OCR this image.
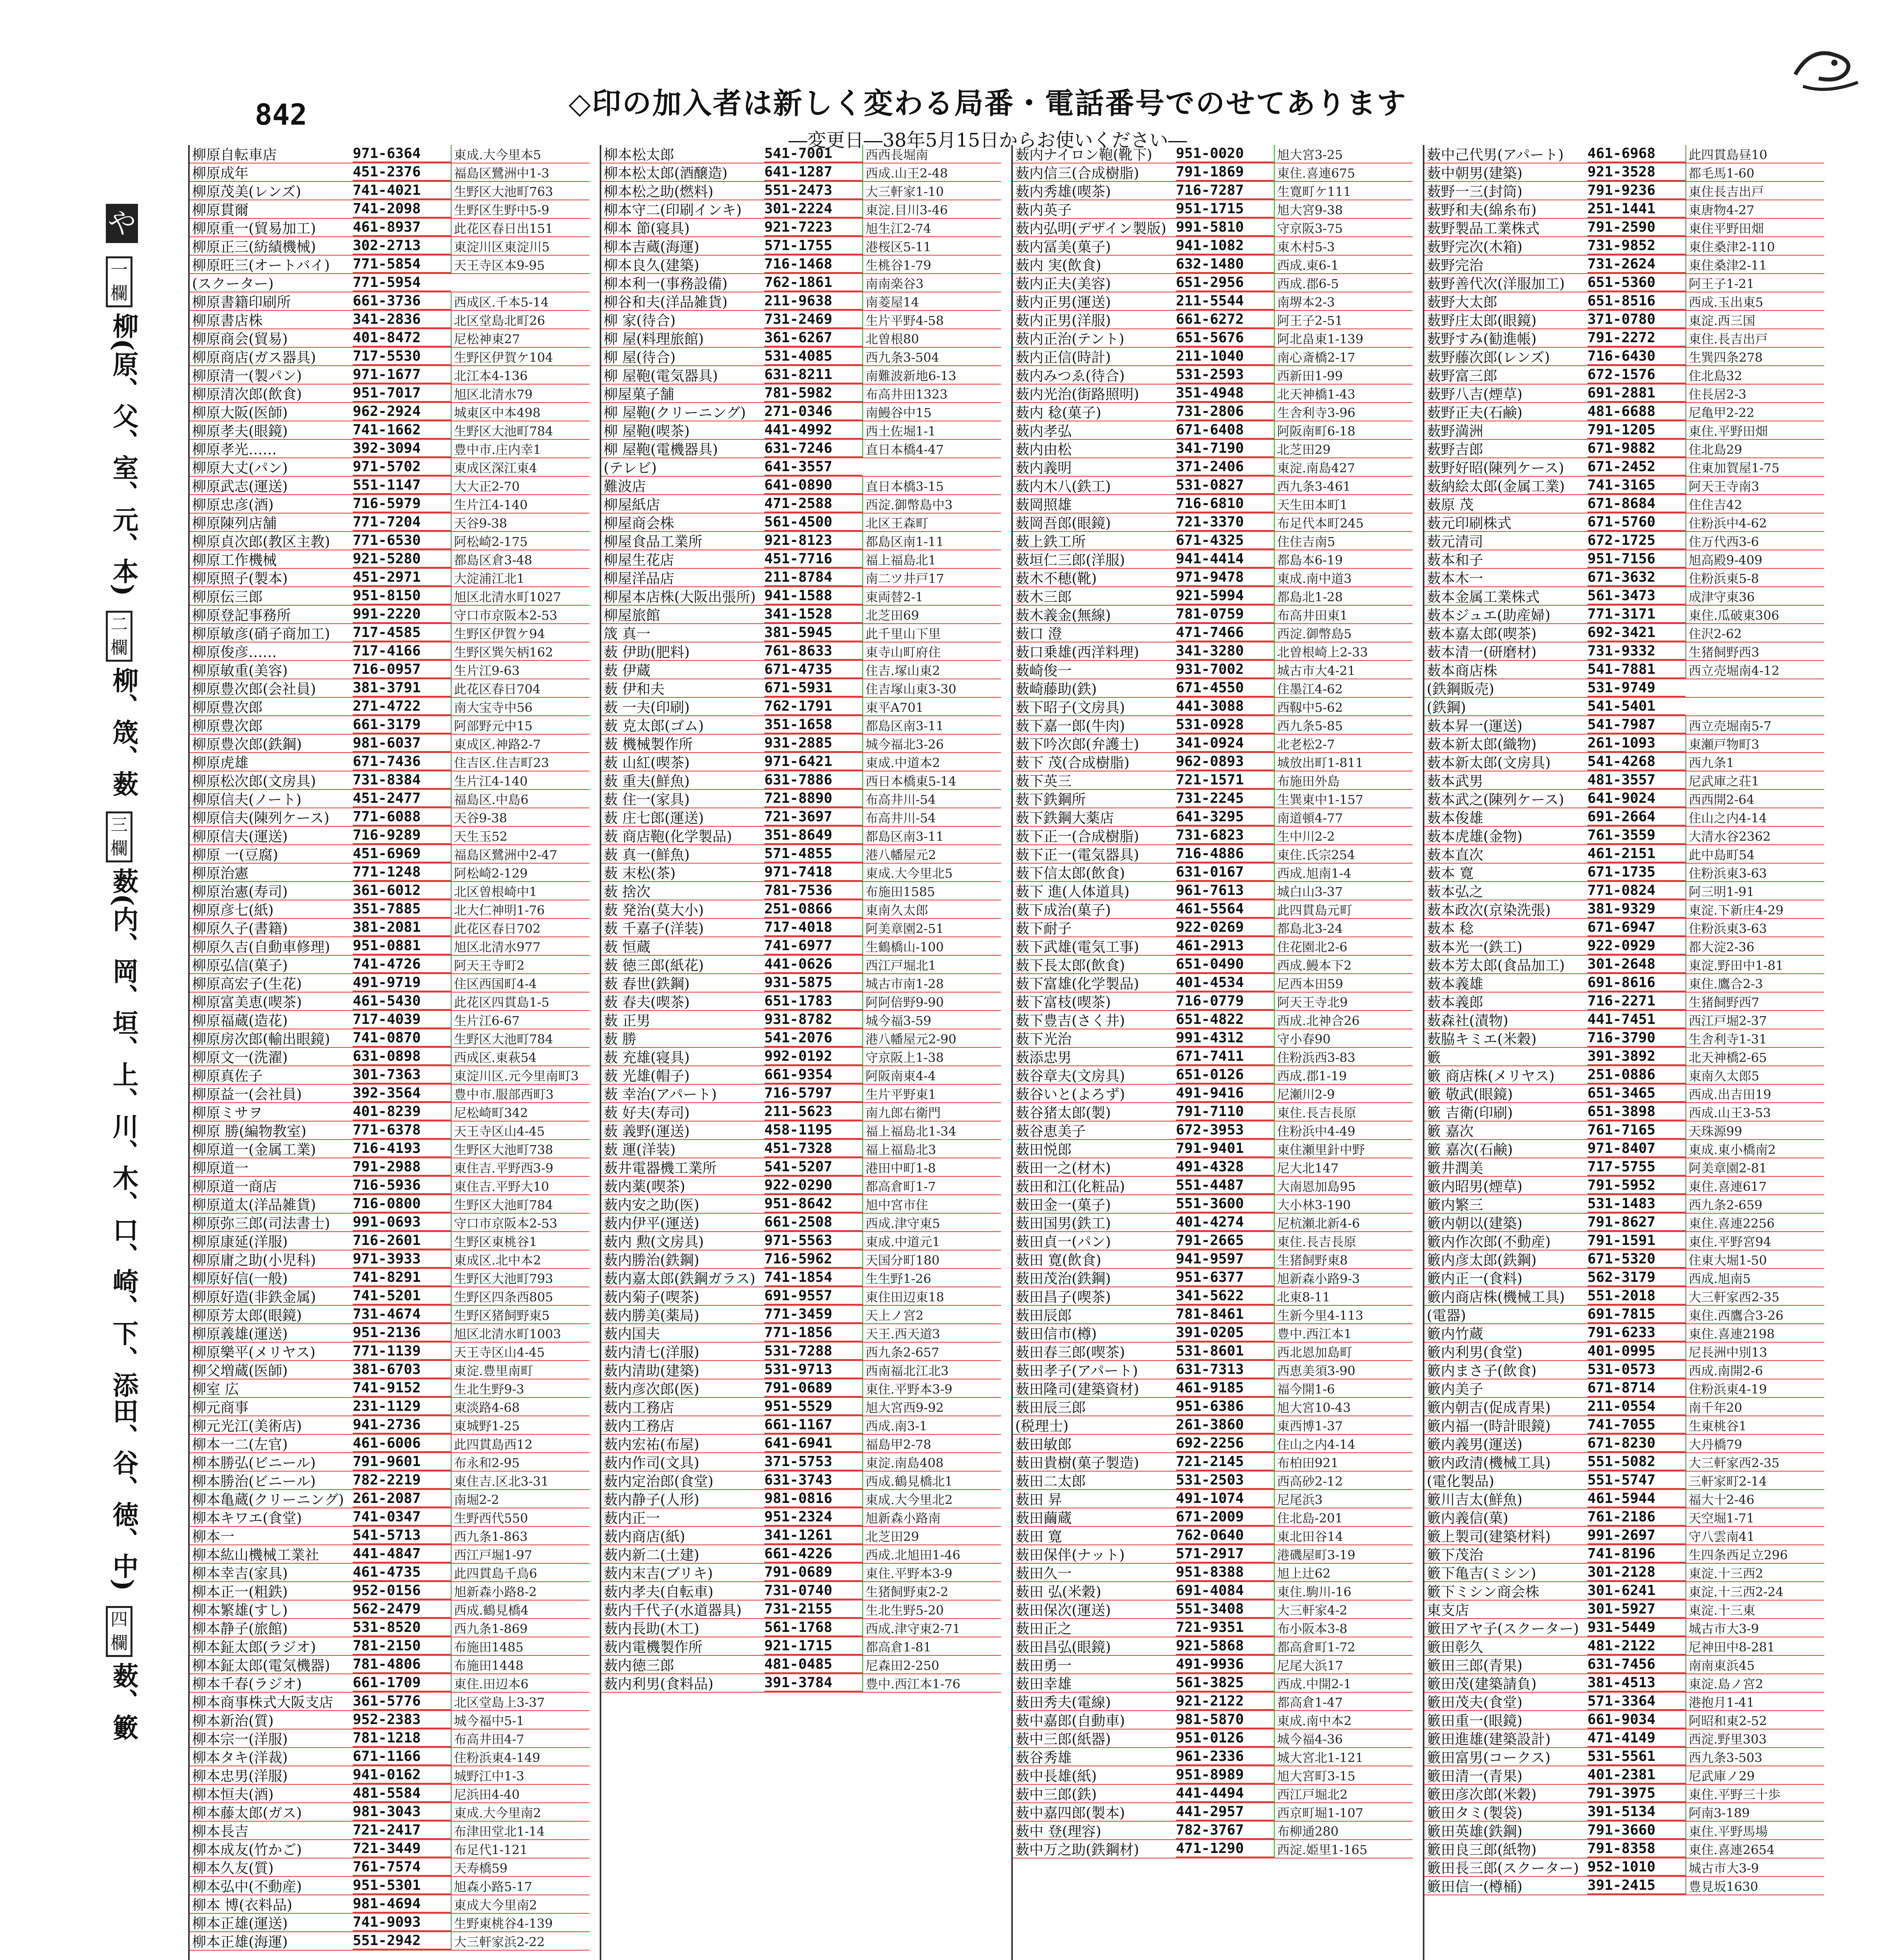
842	◇印の加入者は新しく変わる局番・電話番号でのせてあります
―変更日―38年5月15日からお使いください―
や
一欄
柳(原、父、室、元、本)
二欄
柳、筬、薮
三欄
薮(内、岡、垣、上、川、木、口、崎、下、添田、谷、徳、中)
四欄
薮、籔
柳原自転車店	971-6364	東成.大今里本5
柳原成年	451-2376	福島区鷺洲中1-3
柳原茂美(レンズ)	741-4021	生野区大池町763
柳原貫爾	741-2098	生野区生野中5-9
柳原重一(貿易加工)	461-8937	此花区春日出151
柳原正三(紡績機械)	302-2713	東淀川区東淀川5
柳原旺三(オートバイ)	771-5854	天王寺区本9-95
(スクーター)	771-5954
柳原書籍印刷所	661-3736	西成区.千本5-14
柳原書店株	341-2836	北区堂島北町26
柳原商会(貿易)	401-8472	尼松神東27
柳原商店(ガス器具)	717-5530	生野区伊賀ケ104
柳原清一(製パン)	971-1677	北江本4-136
柳原清次郎(飲食)	951-7017	旭区北清水79
柳原大阪(医師)	962-2924	城東区中本498
柳原孝夫(眼鏡)	741-1662	生野区大池町784
柳原孝光……	392-3094	豊中市.庄内幸1
柳原大丈(パン)	971-5702	東成区深江東4
柳原武志(運送)	551-1147	大大正2-70
柳原忠彦(酒)	716-5979	生片江4-140
柳原陳列店舗	771-7204	天谷9-38
柳原貞次郎(教区主教)	771-6530	阿松崎2-175
柳原工作機械	921-5280	都島区倉3-48
柳原照子(製本)	451-2971	大淀浦江北1
柳原伝三郎	951-8150	旭区北清水町1027
柳原登記事務所	991-2220	守口市京阪本2-53
柳原敏彦(硝子商加工)	717-4585	生野区伊賀ケ94
柳原俊彦……	717-4166	生野区巽矢柄162
柳原敏重(美容)	716-0957	生片江9-63
柳原豊次郎(会社員)	381-3791	此花区春日704
柳原豊次郎	271-4722	南大宝寺中56
柳原豊次郎	661-3179	阿部野元中15
柳原豊次郎(鉄鋼)	981-6037	東成区.神路2-7
柳原虎雄	671-7436	住吉区.住吉町23
柳原松次郎(文房具)	731-8384	生片江4-140
柳原信夫(ノート)	451-2477	福島区.中島6
柳原信夫(陳列ケース)	771-6088	天谷9-38
柳原信夫(運送)	716-9289	天生玉52
柳原 一(豆腐)	451-6969	福島区鷺洲中2-47
柳原治憲	771-1248	阿松崎2-129
柳原治憲(寿司)	361-6012	北区曽根崎中1
柳原彦七(紙)	351-7885	北大仁神明1-76
柳原久子(書籍)	381-2081	此花区春日702
柳原久吉(自動車修理)	951-0881	旭区北清水977
柳原弘信(菓子)	741-4726	阿天王寺町2
柳原高宏子(生花)	491-9719	住区西国町4-4
柳原富美恵(喫茶)	461-5430	此花区四貫島1-5
柳原福蔵(造花)	717-4039	生片江6-67
柳原房次郎(輸出眼鏡)	741-0870	生野区大池町784
柳原文一(洗濯)	631-0898	西成区.東萩54
柳原真佐子	301-7363	東淀川区.元今里南町3
柳原益一(会社員)	392-3564	豊中市.服部西町3
柳原ミサヲ	401-8239	尼松崎町342
柳原 勝(編物教室)	771-6378	天王寺区山4-45
柳原道一(金属工業)	716-4193	生野区大池町738
柳原道一	791-2988	東住吉.平野西3-9
柳原道一商店	716-5936	東住吉.平野大10
柳原道太(洋品雑貨)	716-0800	生野区大池町784
柳原弥三郎(司法書士)	991-0693	守口市京阪本2-53
柳原康延(洋服)	716-2601	生野区東桃谷1
柳原庸之助(小児科)	971-3933	東成区.北中本2
柳原好信(一般)	741-8291	生野区大池町793
柳原好造(非鉄金属)	741-5201	生野区四条西805
柳原芳太郎(眼鏡)	731-4674	生野区猪飼野東5
柳原義雄(運送)	951-2136	旭区北清水町1003
柳原樂平(メリヤス)	771-1139	天王寺区山4-45
柳父増蔵(医師)	381-6703	東淀.豊里南町
柳室 広	741-9152	生北生野9-3
柳元商事	231-1129	東淡路4-68
柳元光江(美術店)	941-2736	東城野1-25
柳本一二(左官)	461-6006	此四貫島西12
柳本勝弘(ビニール)	791-9601	布永和2-95
柳本勝治(ビニール)	782-2219	東住吉.区北3-31
柳本亀蔵(クリーニング) 261-2087	南堀2-2
柳本キワエ(食堂)	741-0347	生野西代550
柳本一	541-5713	西九条1-863
柳本紘山機械工業社	441-4847	西江戸堀1-97
柳本幸吉(家具)	461-4735	此四貫島千鳥6
柳本正一(粗鉄)	952-0156	旭新森小路8-2
柳本繁雄(すし)	562-2479	西成.鶴見橋4
柳本静子(旅館)	531-8520	西九条1-869
柳本鉦太郎(ラジオ)	781-2150	布施田1485
柳本鉦太郎(電気機器)	781-4806	布施田1448
柳本千春(ラジオ)	661-1709	東住.田辺本6
柳本商事株式大阪支店	361-5776	北区堂島上3-37
柳本新治(質)	952-2383	城今福中5-1
柳本宗一(洋服)	781-1218	布高井田4-7
柳本タキ(洋裁)	671-1166	住粉浜東4-149
柳本忠男(洋服)	941-0162	城野江中1-3
柳本恒夫(酒)	481-5584	尼浜田4-40
柳本藤太郎(ガス)	981-3043	東成.大今里南2
柳本長吉	721-2417	布津田堂北1-14
柳本成友(竹かご)	721-3449	布足代1-121
柳本久友(質)	761-7574	天寿橋59
柳本弘中(不動産)	951-5301	旭森小路5-17
柳本 博(衣料品)	981-4694	東成大今里南2
柳本正雄(運送)	741-9093	生野東桃谷4-139
柳本正雄(海運)	551-2942	大三軒家浜2-22
柳本松太郎	541-7001	西西長堀南
柳本松太郎(酒醸造)	641-1287	西成.山王2-48
柳本松之助(燃料)	551-2473	大三軒家1-10
柳本守二(印刷インキ)	301-2224	東淀.目川3-46
柳本 節(寝具)	921-7223	旭生江2-74
柳本吉蔵(海運)	571-1755	港桜区5-11
柳本良久(建築)	716-1468	生桃谷1-79
柳本利一(事務設備)	762-1861	南南楽谷3
柳谷和夫(洋品雑貨)	211-9638	南菱屋14
柳 家(待合)	731-2469	生片平野4-58
柳 屋(料理旅館)	361-6267	北曽根80
柳 屋(待合)	531-4085	西九条3-504
柳 屋鞄(電気器具)	631-8211	南難波新地6-13
柳屋菓子舗	781-5982	布高井田1323
柳 屋鞄(クリーニング)	271-0346	南鰻谷中15
柳 屋鞄(喫茶)	441-4992	西土佐堀1-1
柳 屋鞄(電機器具)	631-7246	直日本橋4-47
(テレビ)	641-3557
難波店	641-0890	直日本橋3-15
柳屋紙店	471-2588	西淀.御幣島中3
柳屋商会株	561-4500	北区王森町
柳屋食品工業所	921-8123	都島区南1-11
柳屋生花店	451-7716	福上福島北1
柳屋洋品店	211-8784	南二ツ井戸17
柳屋本店株(大阪出張所) 941-1588	東両替2-1
柳屋旅館	341-1528	北芝田69
筬 真一	381-5945	此千里山下里
薮 伊助(肥料)	761-8633	東寺山町府住
薮 伊蔵	671-4735	住吉.塚山東2
薮 伊和夫	671-5931	住吉塚山東3-30
薮 一夫(印刷)	762-1791	東平A701
薮 克太郎(ゴム)	351-1658	都島区南3-11
薮 機械製作所	931-2885	城今福北3-26
薮 山紅(喫茶)	971-6421	東成.中道本2
薮 重夫(鮮魚)	631-7886	西日本橋東5-14
薮 住一(家具)	721-8890	布高井川-54
薮 庄七郎(運送)	721-3697	布高井川-54
薮 商店鞄(化学製品)	351-8649	都島区南3-11
薮 真一(鮮魚)	571-4855	港八幡屋元2
薮 末松(茶)	971-7418	東成.大今里北5
薮 捨次	781-7536	布施田1585
薮 発治(莫大小)	251-0866	東南久太郎
薮 千嘉子(洋装)	717-4018	阿美章園2-51
薮 恒蔵	741-6977	生鶴橋山-100
薮 徳三郎(紙花)	441-0626	西江戸堀北1
薮 春世(鉄鋼)	931-5875	城古市南1-28
薮 春夫(喫茶)	651-1783	阿阿倍野9-90
薮 正男	931-8782	城今福3-59
薮 勝	541-2076	港八幡屋元2-90
薮 充雄(寝具)	992-0192	守京阪上1-38
薮 光雄(帽子)	661-9354	阿阪南東4-4
薮 幸治(アパート)	716-5797	生片平野東1
薮 好夫(寿司)	211-5623	南九郎右衛門
薮 義野(運送)	458-1195	福上福島北1-34
薮 運(洋装)	451-7328	福上福島北3
薮井電器機工業所	541-5207	港田中町1-8
薮内薬(喫茶)	922-0290	都高倉町1-7
薮内安之助(医)	951-8642	旭中宮市住
薮内伊平(運送)	661-2508	西成.津守東5
薮内 勲(文房具)	971-5563	東成.中道元1
薮内勝治(鉄鋼)	716-5962	天国分町180
薮内嘉太郎(鉄鋼ガラス) 741-1854	生生野1-26
薮内菊子(喫茶)	691-9557	東住田辺東18
薮内勝美(薬局)	771-3459	天上ノ宮2
薮内国夫	771-1856	天王.西天道3
薮内清七(洋服)	531-7288	西九条2-657
薮内清助(建築)	531-9713	西南福北江北3
薮内彦次郎(医)	791-0689	東住.平野本3-9
薮内工務店	951-5529	旭大宮西9-92
薮内工務店	661-1167	西成.南3-1
薮内宏祐(布屋)	641-6941	福島甲2-78
薮内作司(文具)	371-5753	東淀.南島408
薮内定治郎(食堂)	631-3743	西成.鶴見橋北1
薮内静子(人形)	981-0816	東成.大今里北2
薮内正一	951-2324	旭新森小路南
薮内商店(紙)	341-1261	北芝田29
薮内新二(土建)	661-4226	西成.北旭田1-46
薮内末吉(ブリキ)	791-0689	東住.平野本3-9
薮内孝夫(自転車)	731-0740	生猪飼野東2-2
薮内千代子(水道器具)	731-2155	生北生野5-20
薮内長助(木工)	561-1768	西成.津守東2-71
薮内電機製作所	921-1715	都高倉1-81
薮内徳三郎	481-0485	尼森田2-250
薮内利男(食料品)	391-3784	豊中.西江本1-76
薮内ナイロン鞄(靴下)	951-0020	旭大宮3-25
薮内信三(合成樹脂)	791-1869	東住.喜連675
薮内秀雄(喫茶)	716-7287	生寛町ケ111
薮内英子	951-1715	旭大宮9-38
薮内弘明(デザイン製版) 991-5810	守京阪3-75
薮内冨美(菓子)	941-1082	東木村5-3
薮内 実(飲食)	632-1480	西成.東6-1
薮内正夫(美容)	651-2956	西成.郡6-5
薮内正男(運送)	211-5544	南堺本2-3
薮内正男(洋服)	661-6272	阿王子2-51
薮内正治(テント)	651-5676	阿北畠東1-139
薮内正信(時計)	211-1040	南心斎橋2-17
薮内みつゑ(待合)	531-2593	西新田1-99
薮内光治(街路照明)	351-4948	北天神橋1-43
薮内 稔(菓子)	731-2806	生舎利寺3-96
薮内孝弘	671-6408	阿阪南町6-18
薮内由松	341-7190	北芝田29
薮内義明	371-2406	東淀.南島427
薮内木八(鉄工)	531-0827	西九条3-461
薮岡照雄	716-6810	天生田本町1
薮岡吾郎(眼鏡)	721-3370	布足代本町245
薮上鉄工所	671-4325	住住吉南5
薮垣仁三郎(洋服)	941-4414	都島本6-19
薮木不穂(靴)	971-9478	東成.南中道3
薮木三郎	921-5994	都島北1-28
薮木義金(無線)	781-0759	布高井田東1
薮口 澄	471-7466	西淀.御幣島5
薮口乗雄(西洋料理)	341-3280	北曽根崎上2-33
薮崎俊一	931-7002	城古市大4-21
薮崎藤助(鉄)	671-4550	住墨江4-62
薮下昭子(文房具)	441-3088	西靱中5-62
薮下嘉一郎(牛肉)	531-0928	西九条5-85
薮下吟次郎(弁護士)	341-0924	北老松2-7
薮下 茂(合成樹脂)	962-0893	城放出町1-811
薮下英三	721-1571	布施田外島
薮下鉄鋼所	731-2245	生巽東中1-157
薮下鉄鋼大薬店	641-3295	南道頓4-77
薮下正一(合成樹脂)	731-6823	生中川2-2
薮下正一(電気器具)	716-4886	東住.氏宗254
薮下信太郎(飲食)	631-0167	西成.旭南1-4
薮下 進(人体道具)	961-7613	城白山3-37
薮下成治(菓子)	461-5564	此四貫島元町
薮下耐子	922-0269	都島北3-24
薮下武雄(電気工事)	461-2913	住花園北2-6
薮下長太郎(飲食)	651-0490	西成.鰻本下2
薮下富雄(化学製品)	401-4534	尼西本田59
薮下富枝(喫茶)	716-0779	阿天王寺北9
薮下豊吉(さく井)	651-4822	西成.北神合26
薮下光治	991-4312	守小春90
薮添忠男	671-7411	住粉浜西3-83
薮谷章夫(文房具)	651-0126	西成.郡1-19
薮谷いと(よろず)	491-9416	尼瀬川2-9
薮谷猪太郎(製)	791-7110	東住.長吉長原
薮谷恵美子	672-3953	住粉浜中4-49
薮田悦郎	791-9401	東住瀬里針中野
薮田一之(材木)	491-4328	尼大北147
薮田和江(化粧品)	551-4487	大南恩加島95
薮田金一(菓子)	551-3600	大小林3-190
薮田国男(鉄工)	401-4274	尼杭瀬北新4-6
薮田貞一(パン)	791-2665	東住.長吉長原
薮田 寛(飲食)	941-9597	生猪飼野東8
薮田茂治(鉄鋼)	951-6377	旭新森小路9-3
薮田昌子(喫茶)	341-5622	北東8-11
薮田辰郎	781-8461	生新今里4-113
薮田信市(樽)	391-0205	豊中.西江本1
薮田春三郎(喫茶)	531-8601	西北恩加島町
薮田孝子(アパート)	631-7313	西恵美須3-90
薮田隆司(建築資材)	461-9185	福今開1-6
薮田辰三郎	951-6386	旭大宮10-43
(税理士)	261-3860	東西博1-37
薮田敏郎	692-2256	住山之内4-14
薮田貴樹(菓子製造)	721-2145	布柏田921
薮田二太郎	531-2503	西高砂2-12
薮田 昇	491-1074	尼尾浜3
薮田繭蔵	671-2009	住北島-201
薮田 寛	762-0640	東北田谷14
薮田保伴(ナット)	571-2917	港磯屋町3-19
薮田久一	951-8388	旭上辻62
薮田 弘(米穀)	691-4084	東住.駒川-16
薮田保次(運送)	551-3408	大三軒家4-2
薮田正之	721-9351	布小阪本3-8
薮田昌弘(眼鏡)	921-5868	都高倉町1-72
薮田勇一	491-9936	尼尾大浜17
薮田幸雄	561-3825	西成.中開2-1
薮田秀夫(電線)	921-2122	都高倉1-47
薮中嘉郎(自動車)	981-5870	東成.南中本2
薮中三郎(紙器)	951-0126	城今福4-36
薮谷秀雄	961-2336	城大宮北1-121
薮中長雄(紙)	951-8989	旭大宮町3-15
薮中三郎(鉄)	441-4494	西江戸堀北2
薮中嘉四郎(製本)	441-2957	西京町堀1-107
薮中 登(理容)	782-3767	布柳通280
薮中万之助(鉄鋼材)	471-1290	西淀.姫里1-165
薮中己代男(アパート)	461-6968	此四貫島昼10
薮中朝男(建築)	921-3528	都毛馬1-60
薮野一三(封筒)	791-9236	東住長吉出戸
薮野和夫(綿糸布)	251-1441	東唐物4-27
薮野製品工業株式	791-2590	東住平野田畑
薮野完次(木箱)	731-9852	東住桑津2-110
薮野完治	731-2624	東住桑津2-11
薮野善代次(洋服加工)	651-5360	阿王子1-21
薮野大太郎	651-8516	西成.玉出東5
薮野庄太郎(眼鏡)	371-0780	東淀.西三国
薮野すみ(勧進帳)	791-2272	東住.長吉出戸
薮野藤次郎(レンズ)	716-6430	生巽四条278
薮野富三郎	672-1576	住北島32
薮野八吉(煙草)	691-2881	住長居2-3
薮野正夫(石鹸)	481-6688	尼亀甲2-22
薮野満洲	791-1205	東住.平野田畑
薮野吉郎	671-9882	住北島29
薮野好昭(陳列ケース)	671-2452	住東加賀屋1-75
薮納絵太郎(金属工業)	741-3165	阿天王寺南3
薮原 茂	671-8684	住住吉42
薮元印刷株式	671-5760	住粉浜中4-62
薮元清司	672-1725	住万代西3-6
薮本和子	951-7156	旭高殿9-409
薮本木一	671-3632	住粉浜東5-8
薮本金属工業株式	561-3473	成津守東36
薮本ジュエ(助産婦)	771-3171	東住.瓜破東306
薮本嘉太郎(喫茶)	692-3421	住沢2-62
薮本清一(研磨材)	731-9332	生猪飼野西3
薮本商店株	541-7881	西立売堀南4-12
(鉄鋼販売)	531-9749
(鉄鋼)	541-5401
薮本昇一(運送)	541-7987	西立売堀南5-7
薮本新太郎(織物)	261-1093	東瀬戸物町3
薮本新太郎(文房具)	541-4268	西九条1
薮本武男	481-3557	尼武庫之荘1
薮本武之(陳列ケース)	641-9024	西西開2-64
薮本俊雄	691-2664	住山之内4-14
薮本虎雄(金物)	761-3559	大清水谷2362
薮本直次	461-2151	此中島町54
薮本 寛	671-1735	住粉浜東3-63
薮本弘之	771-0824	阿三明1-91
薮本政次(京染洗張)	381-9329	東淀.下新庄4-29
薮本 稔	671-6947	住粉浜東3-63
薮本光一(鉄工)	922-0929	都大淀2-36
薮本芳太郎(食品加工)	301-2648	東淀.野田中1-81
薮本義雄	691-8616	東住.鷹合2-3
薮本義郎	716-2271	生猪飼野西7
薮森社(漬物)	441-7451	西江戸堀2-37
薮脇キミエ(米穀)	716-3790	生舎利寺1-31
籔	391-3892	北天神橋2-65
籔 商店株(メリヤス)	251-0886	東南久太郎5
籔 敬武(眼鏡)	651-3465	西成.出吉田19
籔 吉衛(印刷)	651-3898	西成.山王3-53
籔 嘉次	761-7165	天珠源99
籔 嘉次(石鹸)	971-8407	東成.東小橋南2
籔井潤美	717-5755	阿美章園2-81
籔内昭男(煙草)	791-5952	東住.喜連617
籔内繁三	531-1483	西九条2-659
籔内朝以(建築)	791-8627	東住.喜連2256
籔内作次郎(不動産)	791-1591	東住.平野宮94
籔内彦太郎(鉄鋼)	671-5320	住東大堀1-50
籔内正一(食料)	562-3179	西成.旭南5
籔内商店株(機械工具)	551-2018	大三軒家西2-35
(電器)	691-7815	東住.西鷹合3-26
籔内竹蔵	791-6233	東住.喜連2198
籔内利男(食堂)	401-0995	尼長洲中別13
籔内まさ子(飲食)	531-0573	西成.南開2-6
籔内美子	671-8714	住粉浜東4-19
籔内朝吉(促成青果)	211-0554	南千年20
籔内福一(時計眼鏡)	741-7055	生東桃谷1
籔内義男(運送)	671-8230	大丹橋79
籔内政清(機械工具)	551-5082	大三軒家西2-35
(電化製品)	551-5747	三軒家町2-14
籔川吉太(鮮魚)	461-5944	福大十2-46
籔内義信(菓)	761-2186	天空堀1-71
籔上製司(建築材料)	991-2697	守八雲南41
籔下茂治	741-8196	生四条西足立296
籔下亀吉(ミシン)	301-2128	東淀.十三西2
籔下ミシン商会株	301-6241	東淀.十三西2-24
東支店	301-5927	東淀.十三東
籔田アヤ子(スクーター) 931-5449	城古市大3-9
籔田彰久	481-2122	尼神田中8-281
籔田三郎(青果)	631-7456	南南東浜45
籔田茂(建築請負)	381-4513	東淀.島ノ宮2
籔田茂夫(食堂)	571-3364	港抱月1-41
籔田重一(眼鏡)	661-9034	阿昭和東2-52
籔田進雄(建築設計)	471-4149	西淀.野里303
籔田富男(コークス)	531-5561	西九条3-503
籔田清一(青果)	401-2381	尼武庫ノ29
籔田彦次郎(米穀)	791-3975	東住.平野三十歩
籔田タミ(製袋)	391-5134	阿南3-189
籔田英雄(鉄鋼)	791-3660	東住.平野馬場
籔田良三郎(紙物)	791-8358	東住.喜連2654
籔田長三郎(スクーター) 952-1010	城古市大3-9
籔田信一(樽桶)	391-2415	豊見坂1630
